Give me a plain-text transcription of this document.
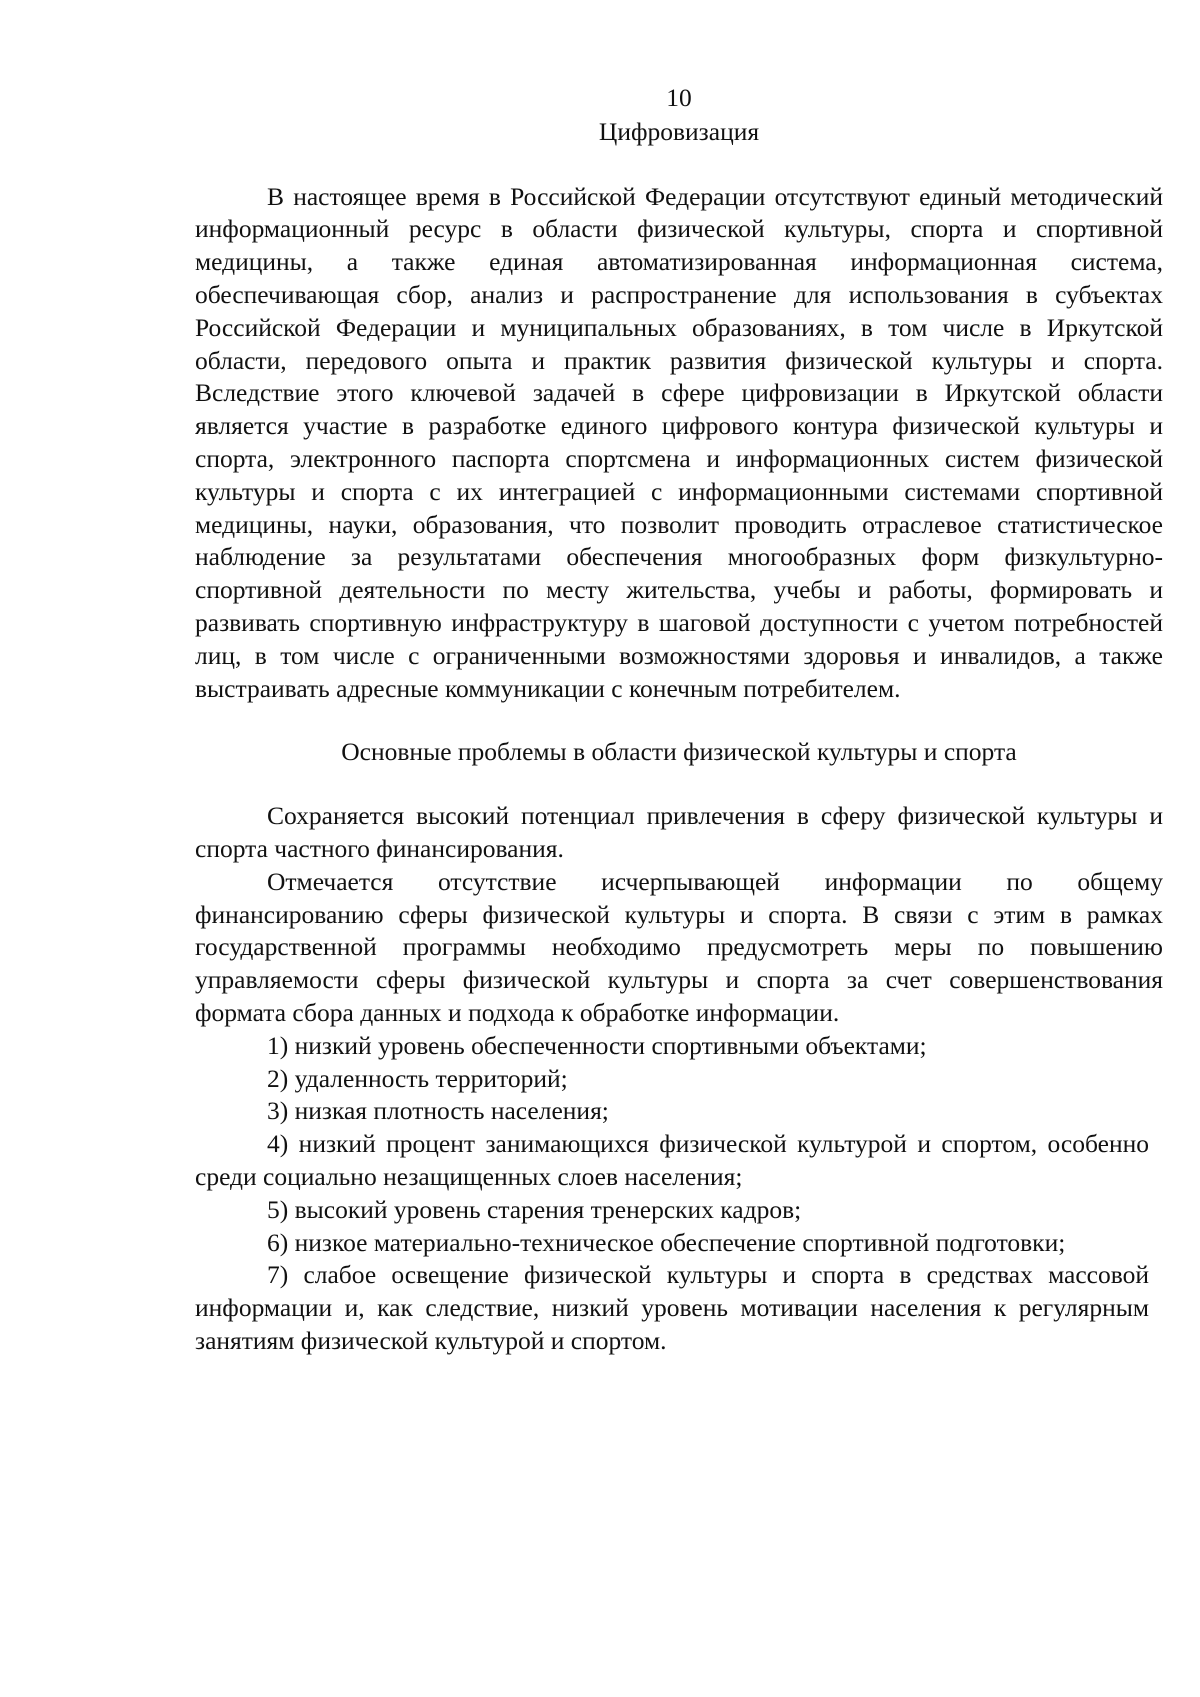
10

Цифровизация

В настоящее время в Российской Федерации отсутствуют единый методический информационный ресурс в области физической культуры, спорта и спортивной медицины, а также единая автоматизированная информационная система, обеспечивающая сбор, анализ и распространение для использования в субъектах Российской Федерации и муниципальных образованиях, в том числе в Иркутской области, передового опыта и практик развития физической культуры и спорта. Вследствие этого ключевой задачей в сфере цифровизации в Иркутской области является участие в разработке единого цифрового контура физической культуры и спорта, электронного паспорта спортсмена и информационных систем физической культуры и спорта с их интеграцией с информационными системами спортивной медицины, науки, образования, что позволит проводить отраслевое статистическое наблюдение за результатами обеспечения многообразных форм физкультурно-спортивной деятельности по месту жительства, учебы и работы, формировать и развивать спортивную инфраструктуру в шаговой доступности с учетом потребностей лиц, в том числе с ограниченными возможностями здоровья и инвалидов, а также выстраивать адресные коммуникации с конечным потребителем.

Основные проблемы в области физической культуры и спорта

Сохраняется высокий потенциал привлечения в сферу физической культуры и спорта частного финансирования.

Отмечается отсутствие исчерпывающей информации по общему финансированию сферы физической культуры и спорта. В связи с этим в рамках государственной программы необходимо предусмотреть меры по повышению управляемости сферы физической культуры и спорта за счет совершенствования формата сбора данных и подхода к обработке информации.

1) низкий уровень обеспеченности спортивными объектами;

2) удаленность территорий;

3) низкая плотность населения;

4) низкий процент занимающихся физической культурой и спортом, особенно среди социально незащищенных слоев населения;

5) высокий уровень старения тренерских кадров;

6) низкое материально-техническое обеспечение спортивной подготовки;

7) слабое освещение физической культуры и спорта в средствах массовой информации и, как следствие, низкий уровень мотивации населения к регулярным занятиям физической культурой и спортом.
